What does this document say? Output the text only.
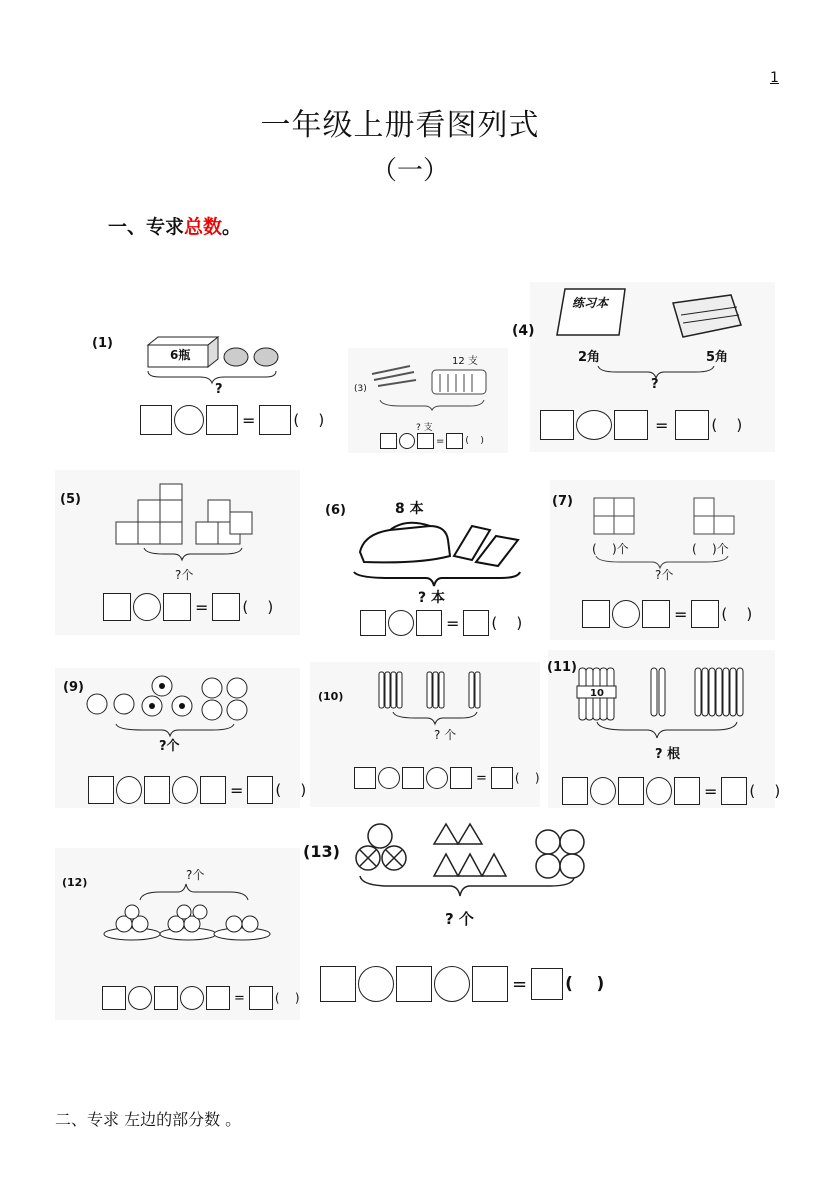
1
一年级上册看图列式
（一）
一、专求总数。
(1)
6瓶
?
=	(    )
(3)
12 支
? 支
= (    )
(4)
练习本
2角	5角
?
=	(    )
(5)
?个
= (    )
(6)	8 本
? 本
= (    )
(7)
(    )个	(    )个
?个
= (    )
(9)
?个
= (    )
(10)
? 个
= (    )
(11)
10
? 根
= (    )
(12)
?个
=	(    )
(13)
? 个
= (    )
二、专求 左边的部分数 。
